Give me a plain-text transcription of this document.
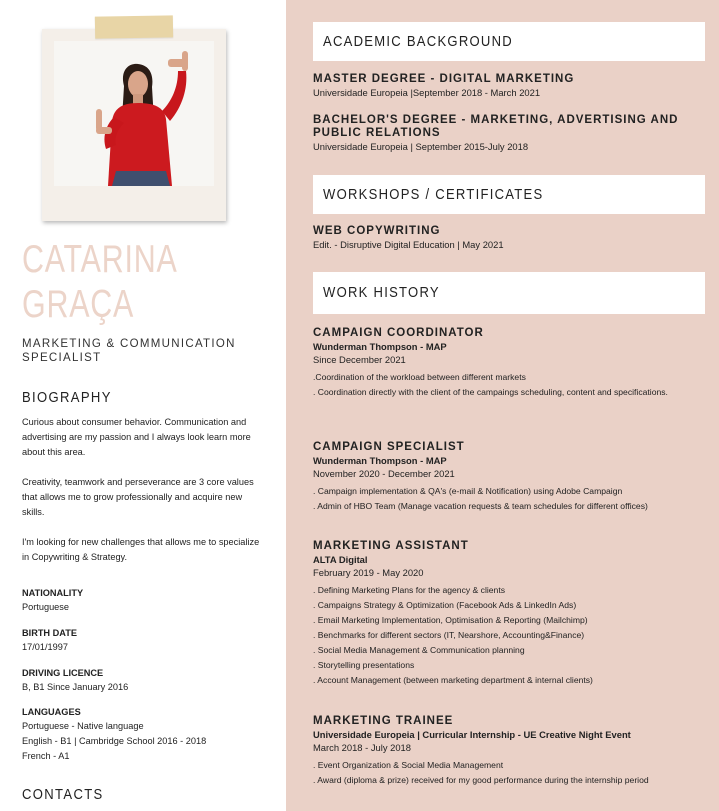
CATARINA
GRAÇA
MARKETING & COMMUNICATION SPECIALIST
BIOGRAPHY

Curious about consumer behavior. Communication and advertising are my passion and I always look learn more about this area.

Creativity, teamwork and perseverance are 3 core values that allows me to grow professionally and acquire new skills.

I'm looking for new challenges that allows me to specialize in Copywriting & Strategy.

NATIONALITY
Portuguese
BIRTH DATE
17/01/1997
DRIVING LICENCE
B, B1 Since January 2016
LANGUAGES
Portuguese - Native language
English - B1 | Cambridge School 2016 - 2018
French - A1
CONTACTS
ACADEMIC BACKGROUND
MASTER DEGREE - DIGITAL MARKETING
Universidade Europeia |September 2018 - March 2021
BACHELOR'S DEGREE - MARKETING, ADVERTISING AND PUBLIC RELATIONS
Universidade Europeia | September 2015-July 2018
WORKSHOPS / CERTIFICATES
WEB COPYWRITING
Edit. - Disruptive Digital Education | May 2021
WORK HISTORY
CAMPAIGN COORDINATOR
Wunderman Thompson - MAP
Since December 2021
.Coordination of the workload between different markets
. Coordination directly with the client of the campaings scheduling, content and specifications.
CAMPAIGN SPECIALIST
Wunderman Thompson - MAP
November 2020 - December 2021
. Campaign implementation & QA's (e-mail & Notification) using Adobe Campaign
. Admin of HBO Team (Manage vacation requests & team schedules for different offices)
MARKETING ASSISTANT
ALTA Digital
February 2019 - May 2020
. Defining Marketing Plans for the agency & clients
. Campaigns Strategy & Optimization (Facebook Ads & LinkedIn Ads)
. Email Marketing Implementation, Optimisation & Reporting (Mailchimp)
. Benchmarks for different sectors (IT, Nearshore, Accounting&Finance)
. Social Media Management & Communication planning
. Storytelling presentations
. Account Management (between marketing department & internal clients)
MARKETING TRAINEE
Universidade Europeia | Curricular Internship - UE Creative Night Event
March 2018 - July 2018
. Event Organization & Social Media Management
. Award (diploma & prize) received for my good performance during the internship period
